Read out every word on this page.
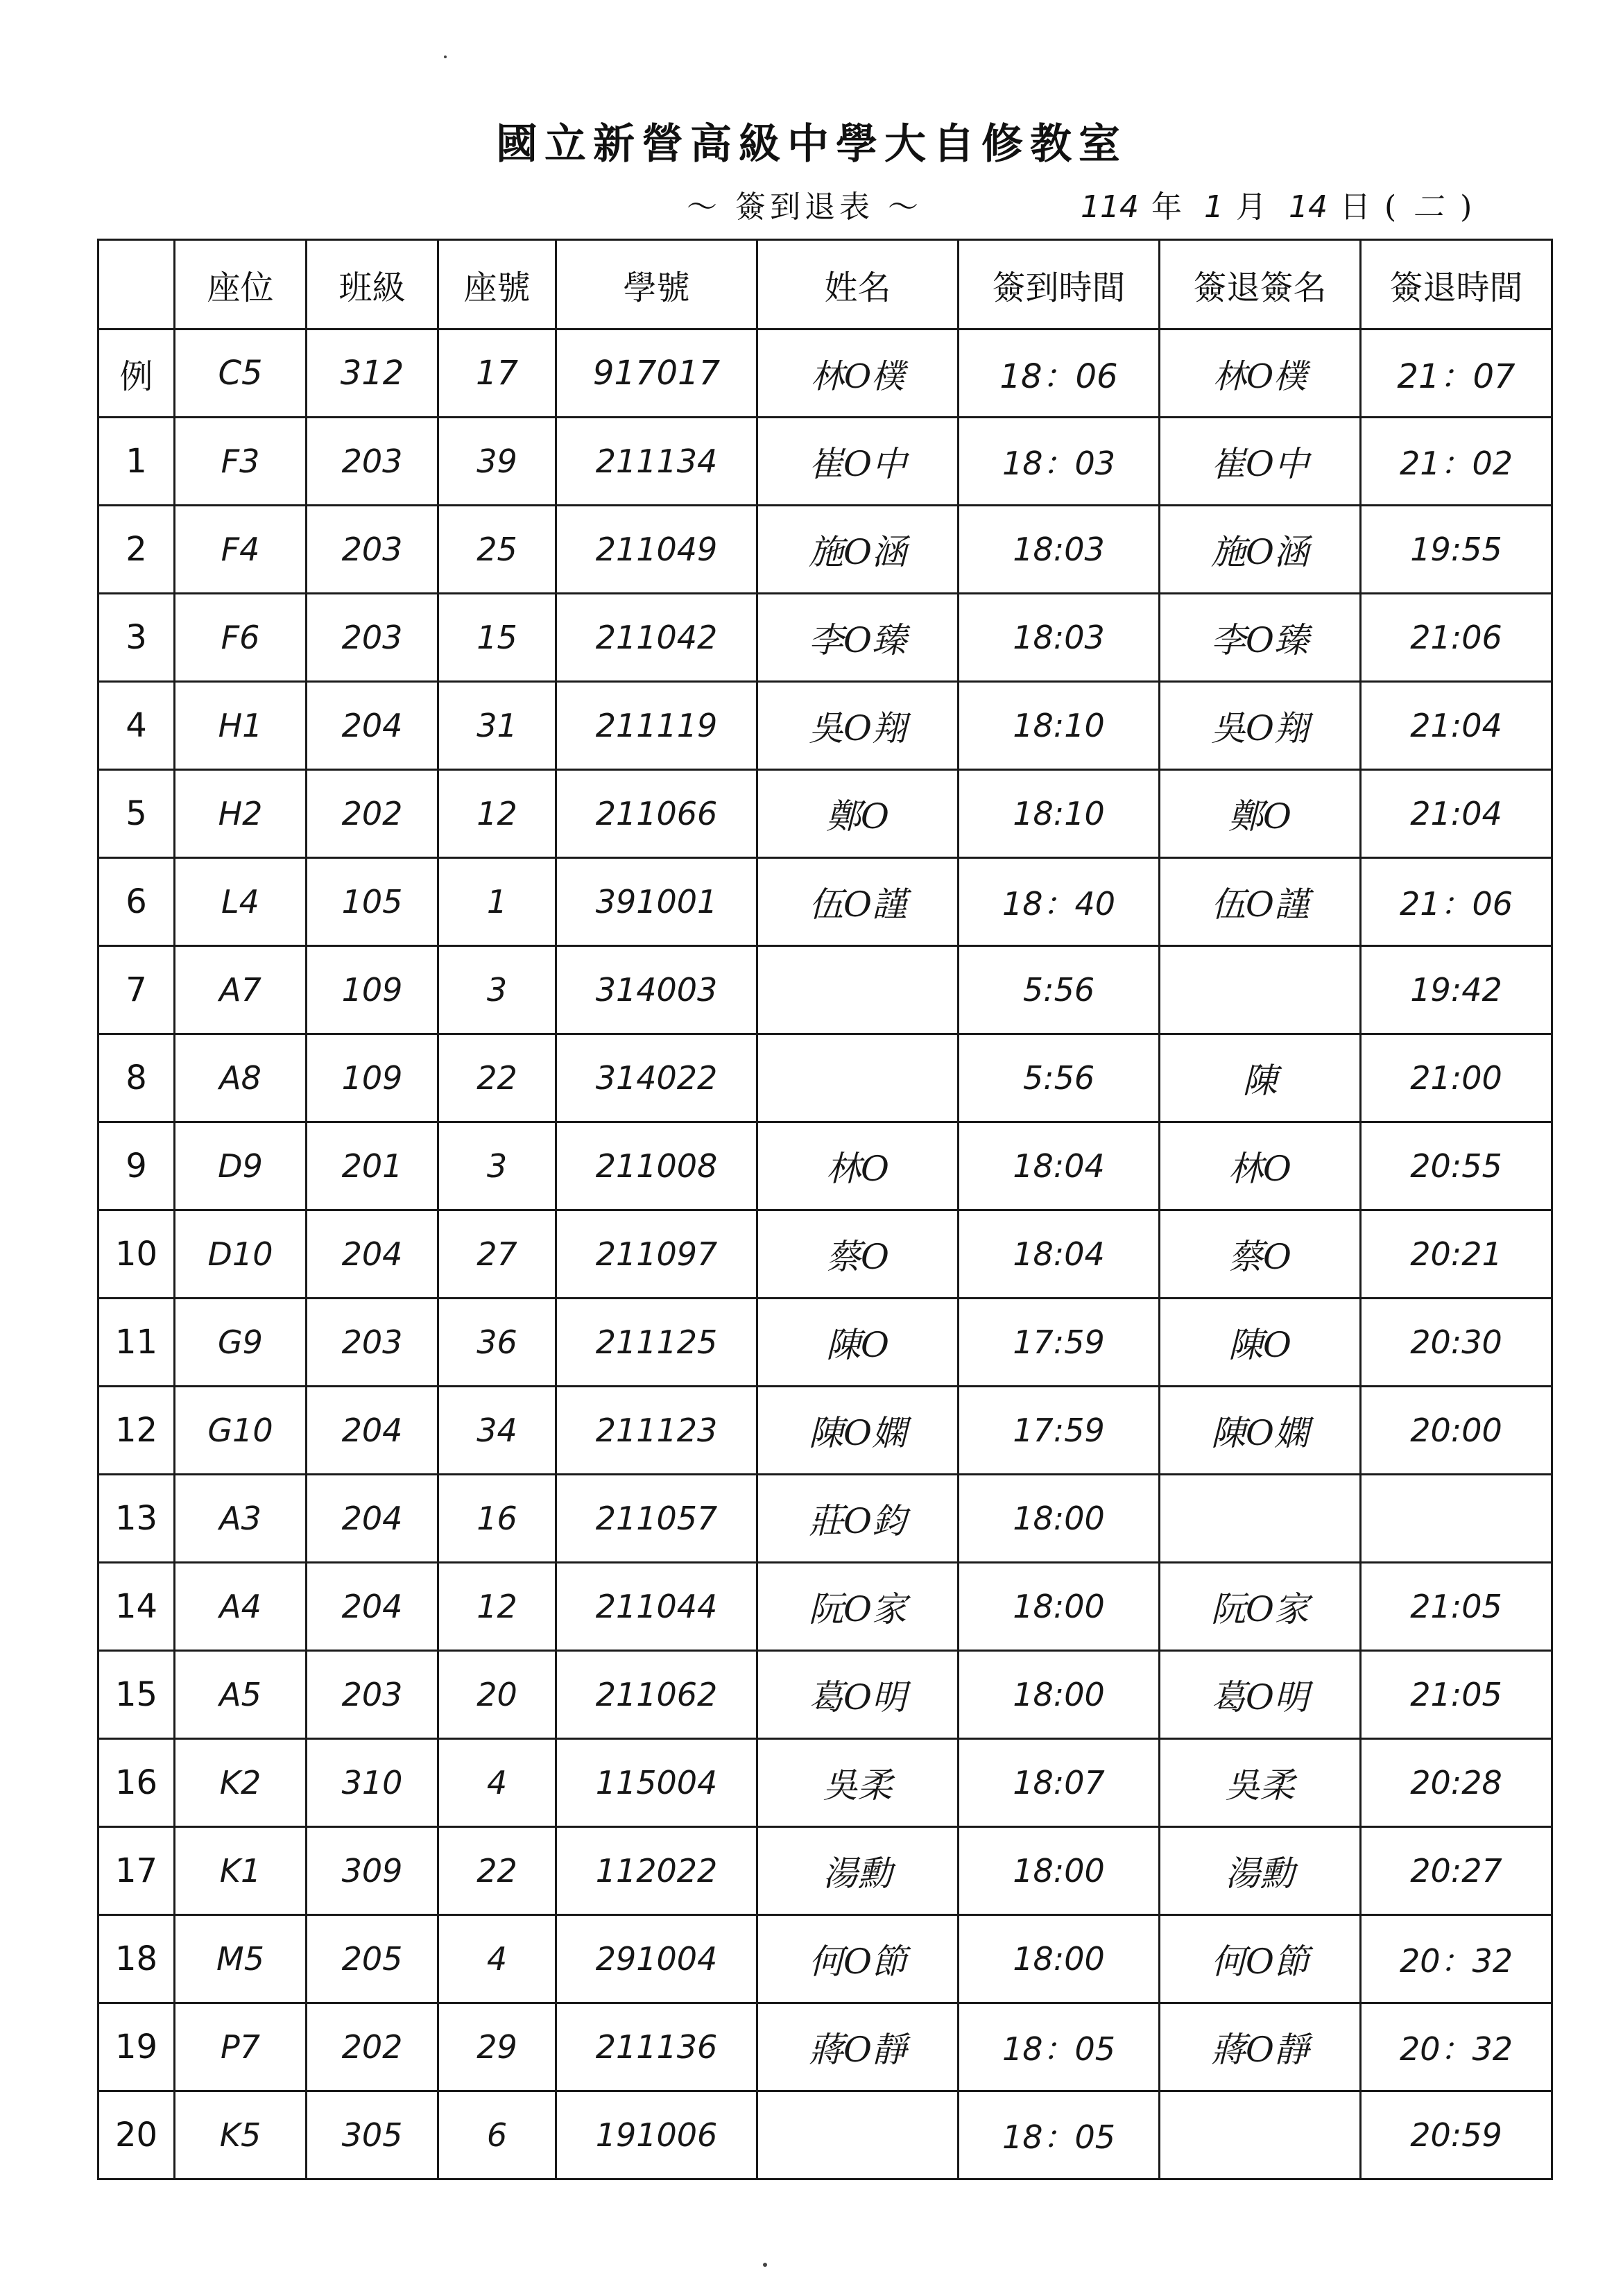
國立新營高級中學大自修教室
～ 簽到退表 ～	114 年 1 月 14 日 ( 二 )
	座位	班級	座號	學號	姓名	簽到時間	簽退簽名	簽退時間
例	C5	312	17	917017	林O樸	18：06	林O樸	21：07
1	F3	203	39	211134	崔O中	18：03	崔O中	21：02
2	F4	203	25	211049	施O涵	18:03	施O涵	19:55
3	F6	203	15	211042	李O臻	18:03	李O臻	21:06
4	H1	204	31	211119	吳O翔	18:10	吳O翔	21:04
5	H2	202	12	211066	鄭O	18:10	鄭O	21:04
6	L4	105	1	391001	伍O謹	18：40	伍O謹	21：06
7	A7	109	3	314003		5:56		19:42
8	A8	109	22	314022		5:56	陳	21:00
9	D9	201	3	211008	林O	18:04	林O	20:55
10	D10	204	27	211097	蔡O	18:04	蔡O	20:21
11	G9	203	36	211125	陳O	17:59	陳O	20:30
12	G10	204	34	211123	陳O嫻	17:59	陳O嫻	20:00
13	A3	204	16	211057	莊O鈞	18:00		
14	A4	204	12	211044	阮O家	18:00	阮O家	21:05
15	A5	203	20	211062	葛O明	18:00	葛O明	21:05
16	K2	310	4	115004	吳柔	18:07	吳柔	20:28
17	K1	309	22	112022	湯勳	18:00	湯勳	20:27
18	M5	205	4	291004	何O節	18:00	何O節	20：32
19	P7	202	29	211136	蔣O靜	18：05	蔣O靜	20：32
20	K5	305	6	191006		18：05		20:59
